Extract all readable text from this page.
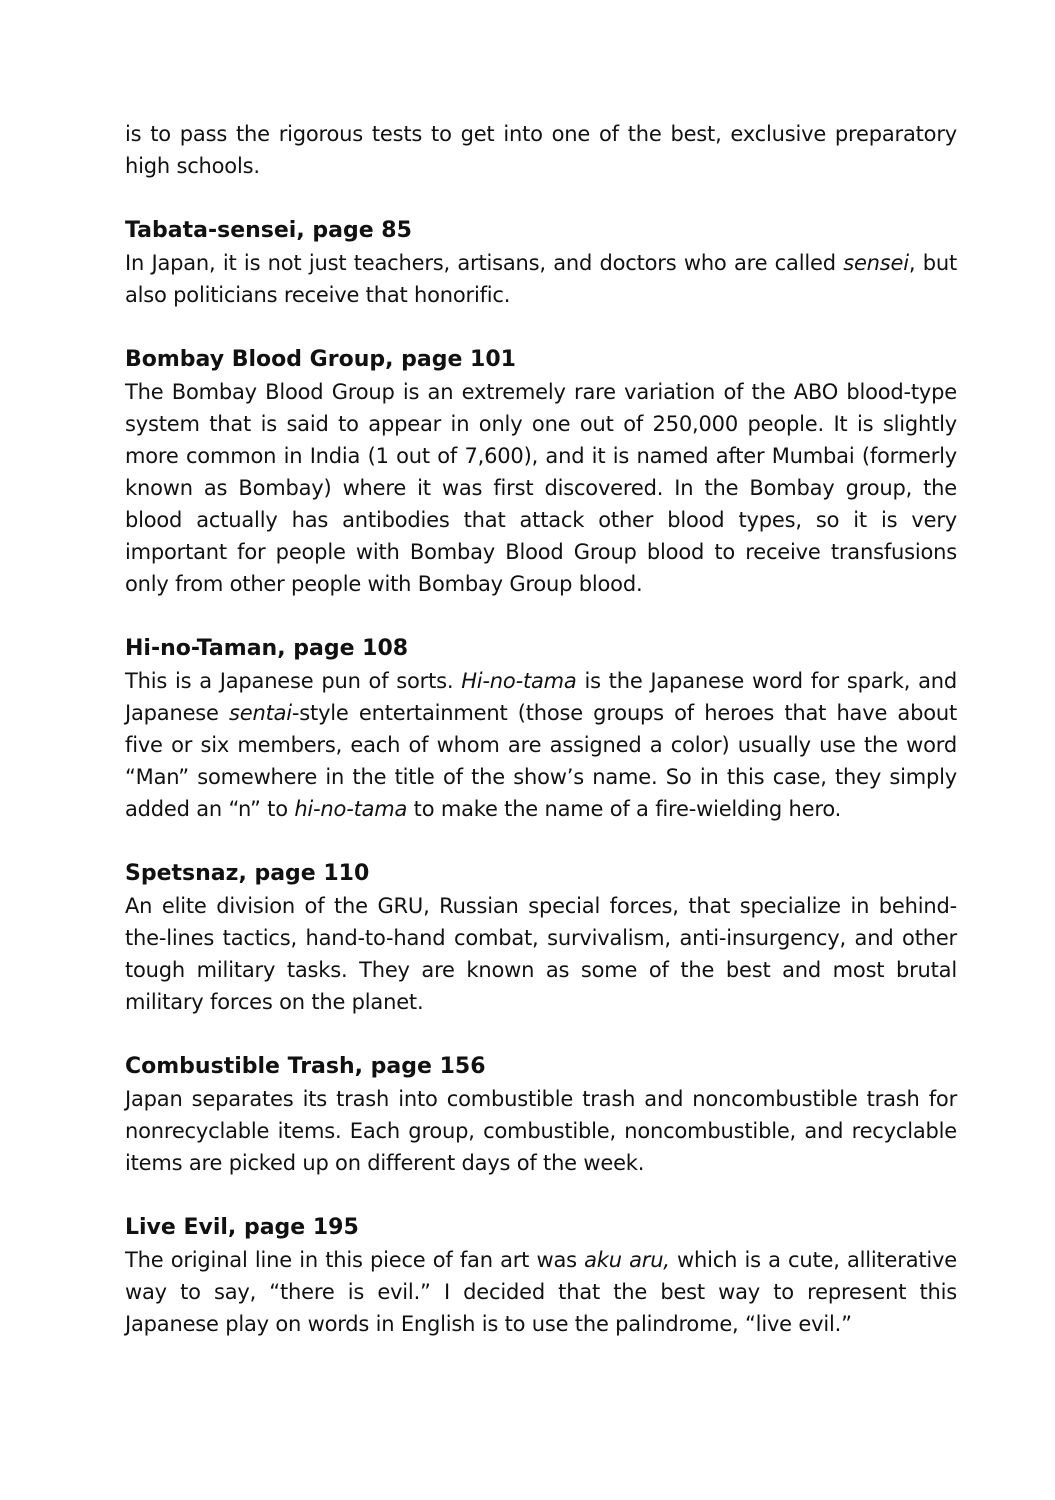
is to pass the rigorous tests to get into one of the best, exclusive preparatory high schools.

Tabata-sensei, page 85

In Japan, it is not just teachers, artisans, and doctors who are called sensei, but also politicians receive that honorific.

Bombay Blood Group, page 101

The Bombay Blood Group is an extremely rare variation of the ABO blood-type system that is said to appear in only one out of 250,000 people. It is slightly more common in India (1 out of 7,600), and it is named after Mumbai (formerly known as Bombay) where it was first discovered. In the Bombay group, the blood actually has antibodies that attack other blood types, so it is very important for people with Bombay Blood Group blood to receive transfusions only from other people with Bombay Group blood.

Hi-no-Taman, page 108

This is a Japanese pun of sorts. Hi-no-tama is the Japanese word for spark, and Japanese sentai-style entertainment (those groups of heroes that have about five or six members, each of whom are assigned a color) usually use the word “Man” somewhere in the title of the show’s name. So in this case, they simply added an “n” to hi-no-tama to make the name of a fire-wielding hero.

Spetsnaz, page 110

An elite division of the GRU, Russian special forces, that specialize in behind-the-lines tactics, hand-to-hand combat, survivalism, anti-insurgency, and other tough military tasks. They are known as some of the best and most brutal military forces on the planet.

Combustible Trash, page 156

Japan separates its trash into combustible trash and noncombustible trash for nonrecyclable items. Each group, combustible, noncombustible, and recyclable items are picked up on different days of the week.

Live Evil, page 195

The original line in this piece of fan art was aku aru, which is a cute, alliterative way to say, “there is evil.” I decided that the best way to represent this Japanese play on words in English is to use the palindrome, “live evil.”
